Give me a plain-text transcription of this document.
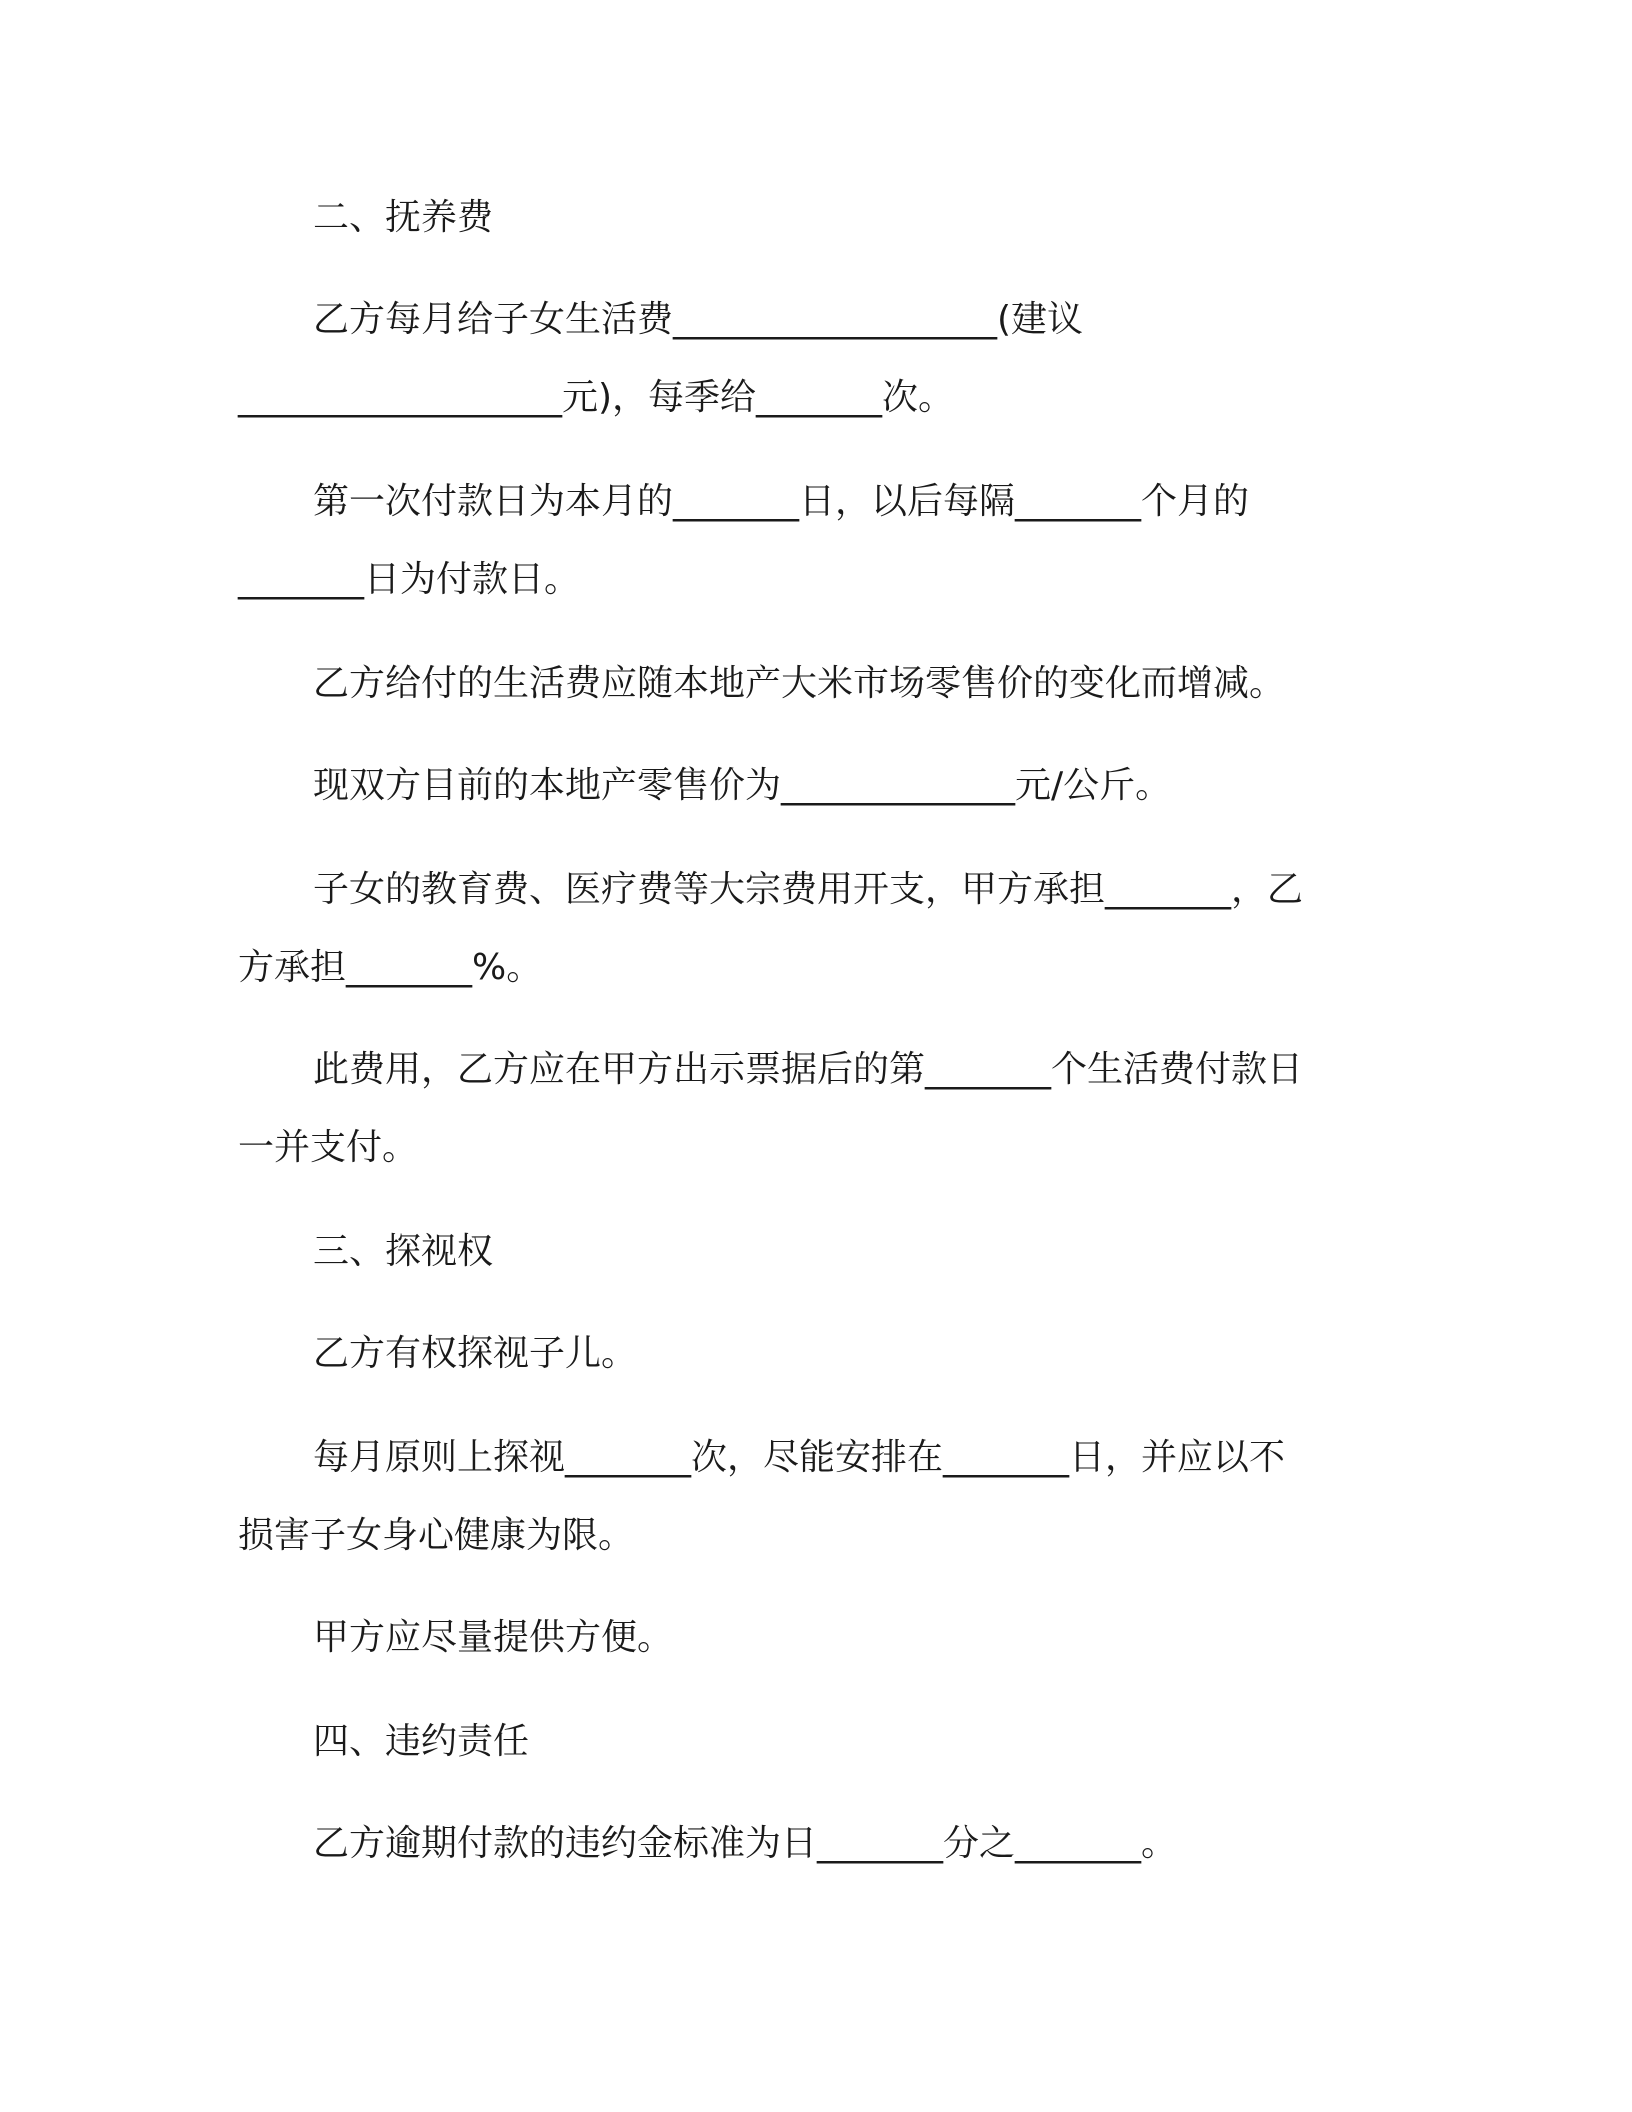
二、抚养费
乙方每月给子女生活费__________________(建议
__________________元)，每季给_______次。
第一次付款日为本月的_______日，以后每隔_______个月的
_______日为付款日。
乙方给付的生活费应随本地产大米市场零售价的变化而增减。
现双方目前的本地产零售价为_____________元/公斤。
子女的教育费、医疗费等大宗费用开支，甲方承担_______，乙
方承担_______%。
此费用，乙方应在甲方出示票据后的第_______个生活费付款日
一并支付。
三、探视权
乙方有权探视子儿。
每月原则上探视_______次，尽能安排在_______日，并应以不
损害子女身心健康为限。
甲方应尽量提供方便。
四、违约责任
乙方逾期付款的违约金标准为日_______分之_______。
